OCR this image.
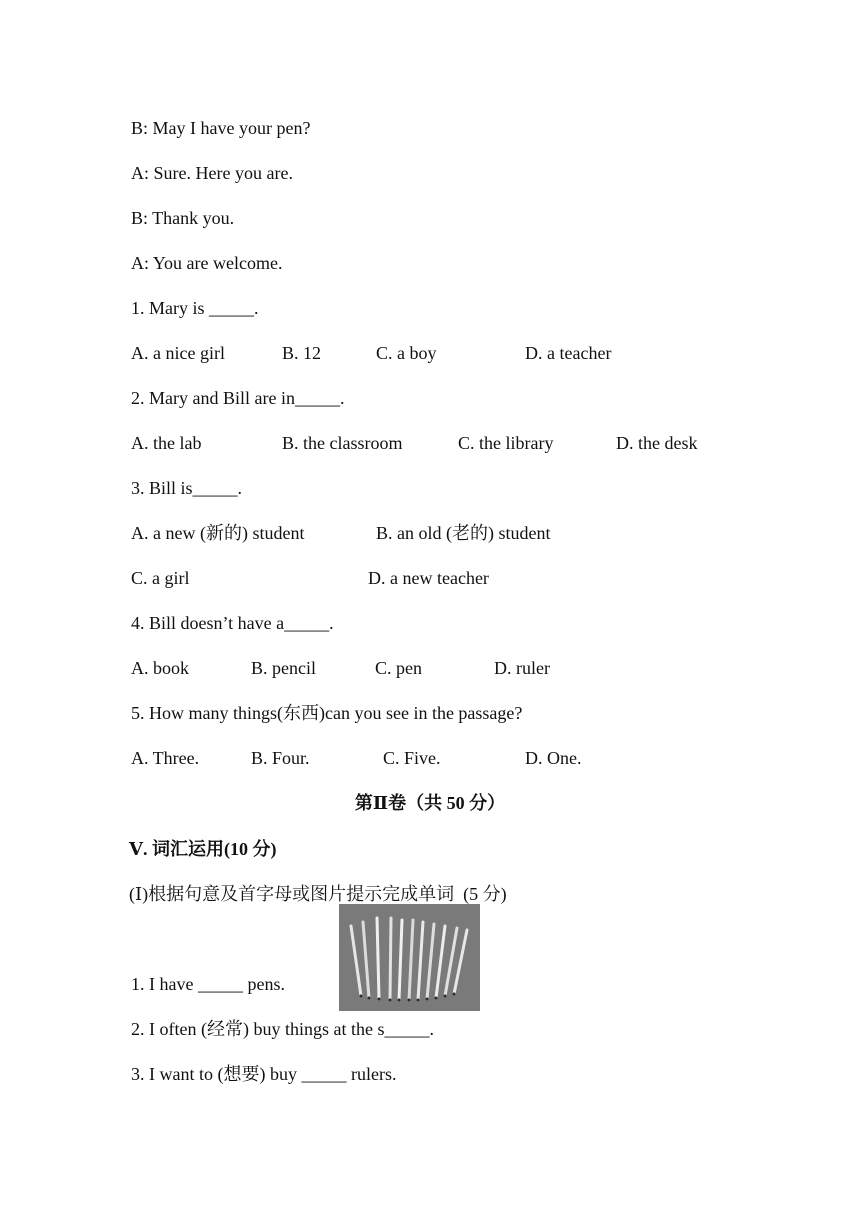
B: May I have your pen?
A: Sure. Here you are.
B: Thank you.
A: You are welcome.
1. Mary is _____.
A. a nice girl	B. 12	C. a boy	D. a teacher
2. Mary and Bill are in_____.
A. the lab	B. the classroom	C. the library	D. the desk
3. Bill is_____.
A. a new (新的) student	B. an old (老的) student
C. a girl	D. a new teacher
4. Bill doesn’t have a_____.
A. book	B. pencil	C. pen	D. ruler
5. How many things(东西)can you see in the passage?
A. Three.	B. Four.	C. Five.	D. One.
第Ⅱ卷（共 50 分）
Ⅴ. 词汇运用(10 分)
(Ⅰ)根据句意及首字母或图片提示完成单词  (5 分)
1. I have _____ pens.
2. I often (经常) buy things at the s_____.
3. I want to (想要) buy _____ rulers.
